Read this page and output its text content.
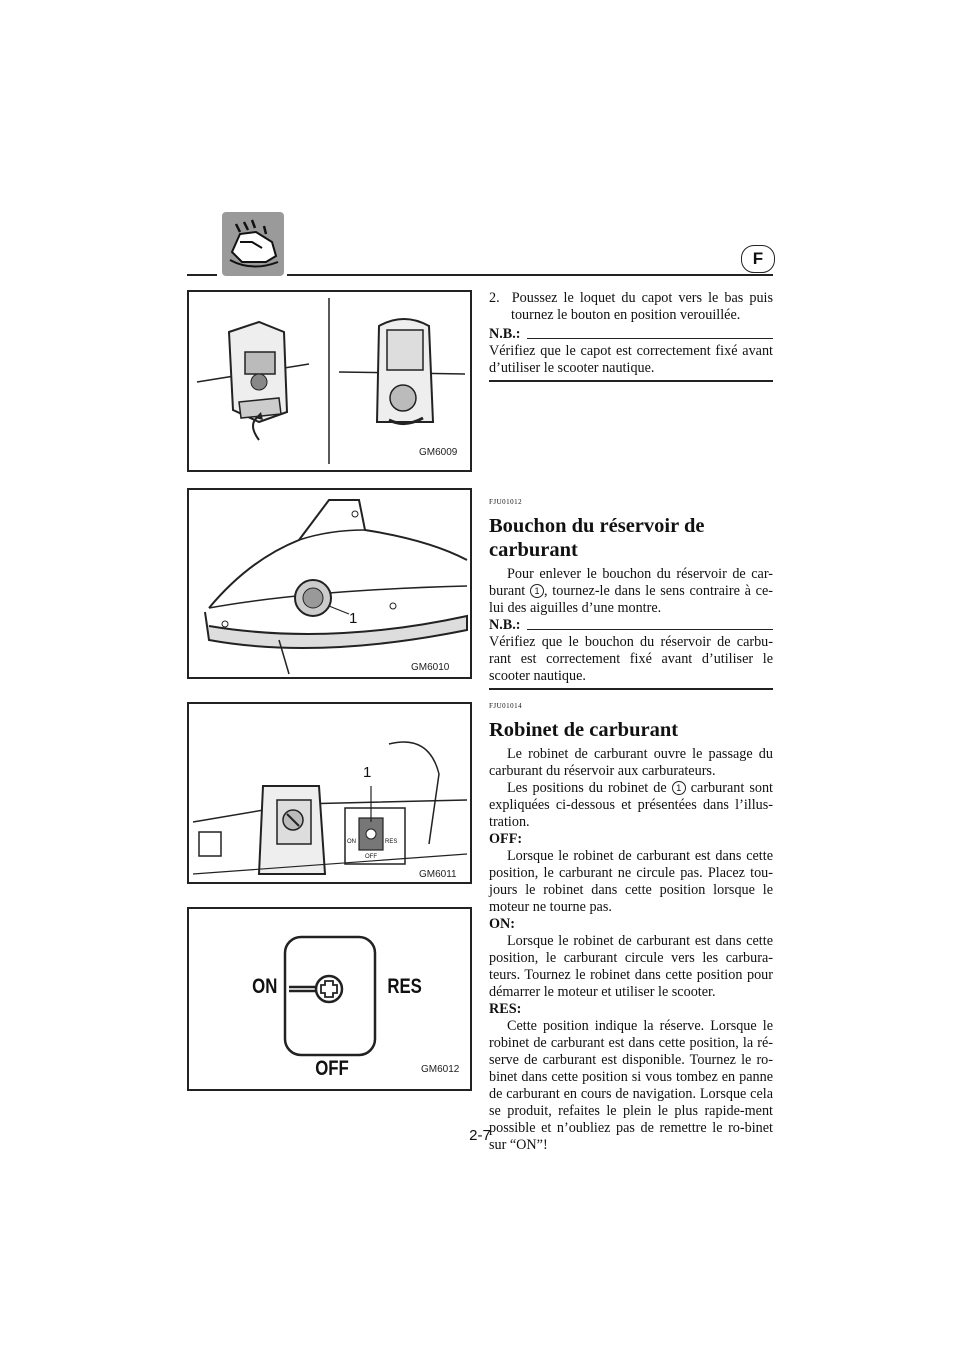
F
GM6009
1
GM6010
1
ON	RES
OFF
GM6011
ON	RES
OFF	GM6012

2. Poussez le loquet du capot vers le bas puis tournez le bouton en position verouillée.

N.B.:

Vérifiez que le capot est correctement fixé avant d’utiliser le scooter nautique.

FJU01012
Bouchon du réservoir de
carburant

Pour enlever le bouchon du réservoir de car-burant 1 , tournez-le dans le sens contraire à ce-lui des aiguilles d’une montre.

N.B.:

Vérifiez que le bouchon du réservoir de carbu-rant est correctement fixé avant d’utiliser le scooter nautique.

FJU01014
Robinet de carburant

Le robinet de carburant ouvre le passage du carburant du réservoir aux carburateurs.

Les positions du robinet de 1 carburant sont expliquées ci-dessous et présentées dans l’illus-tration.

OFF:

Lorsque le robinet de carburant est dans cette position, le carburant ne circule pas. Placez tou-jours le robinet dans cette position lorsque le moteur ne tourne pas.

ON:

Lorsque le robinet de carburant est dans cette position, le carburant circule vers les carbura-teurs. Tournez le robinet dans cette position pour démarrer le moteur et utiliser le scooter.

RES:

Cette position indique la réserve. Lorsque le robinet de carburant est dans cette position, la ré-serve de carburant est disponible. Tournez le ro-binet dans cette position si vous tombez en panne de carburant en cours de navigation. Lorsque cela se produit, refaites le plein le plus rapide-ment possible et n’oubliez pas de remettre le ro-binet sur “ON”!

2-7
